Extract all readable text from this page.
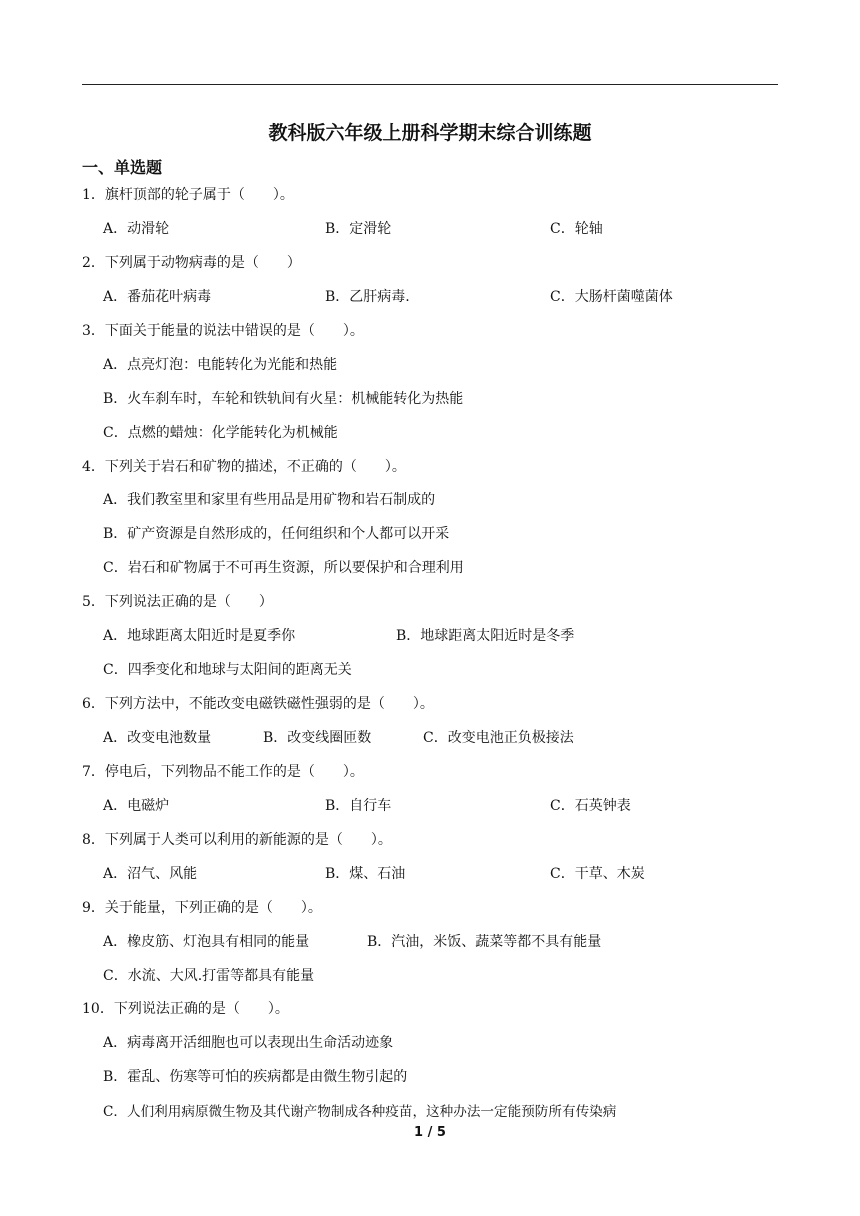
教科版六年级上册科学期末综合训练题
一、单选题
1．旗杆顶部的轮子属于（　　）。
A．动滑轮	B．定滑轮	C．轮轴
2．下列属于动物病毒的是（　　）
A．番茄花叶病毒	B．乙肝病毒.	C．大肠杆菌噬菌体
3．下面关于能量的说法中错误的是（　　）。
A．点亮灯泡：电能转化为光能和热能
B．火车刹车时，车轮和铁轨间有火星：机械能转化为热能
C．点燃的蜡烛：化学能转化为机械能
4．下列关于岩石和矿物的描述，不正确的（　　）。
A．我们教室里和家里有些用品是用矿物和岩石制成的
B．矿产资源是自然形成的，任何组织和个人都可以开采
C．岩石和矿物属于不可再生资源，所以要保护和合理利用
5．下列说法正确的是（　　）
A．地球距离太阳近时是夏季你	B．地球距离太阳近时是冬季
C．四季变化和地球与太阳间的距离无关
6．下列方法中，不能改变电磁铁磁性强弱的是（　　）。
A．改变电池数量	B．改变线圈匝数	C．改变电池正负极接法
7．停电后，下列物品不能工作的是（　　）。
A．电磁炉	B．自行车	C．石英钟表
8．下列属于人类可以利用的新能源的是（　　）。
A．沼气、风能	B．煤、石油	C．干草、木炭
9．关于能量，下列正确的是（　　）。
A．橡皮筋、灯泡具有相同的能量	B．汽油，米饭、蔬菜等都不具有能量
C．水流、大风.打雷等都具有能量
10．下列说法正确的是（　　）。
A．病毒离开活细胞也可以表现出生命活动迹象
B．霍乱、伤寒等可怕的疾病都是由微生物引起的
C．人们利用病原微生物及其代谢产物制成各种疫苗，这种办法一定能预防所有传染病
1 / 5
